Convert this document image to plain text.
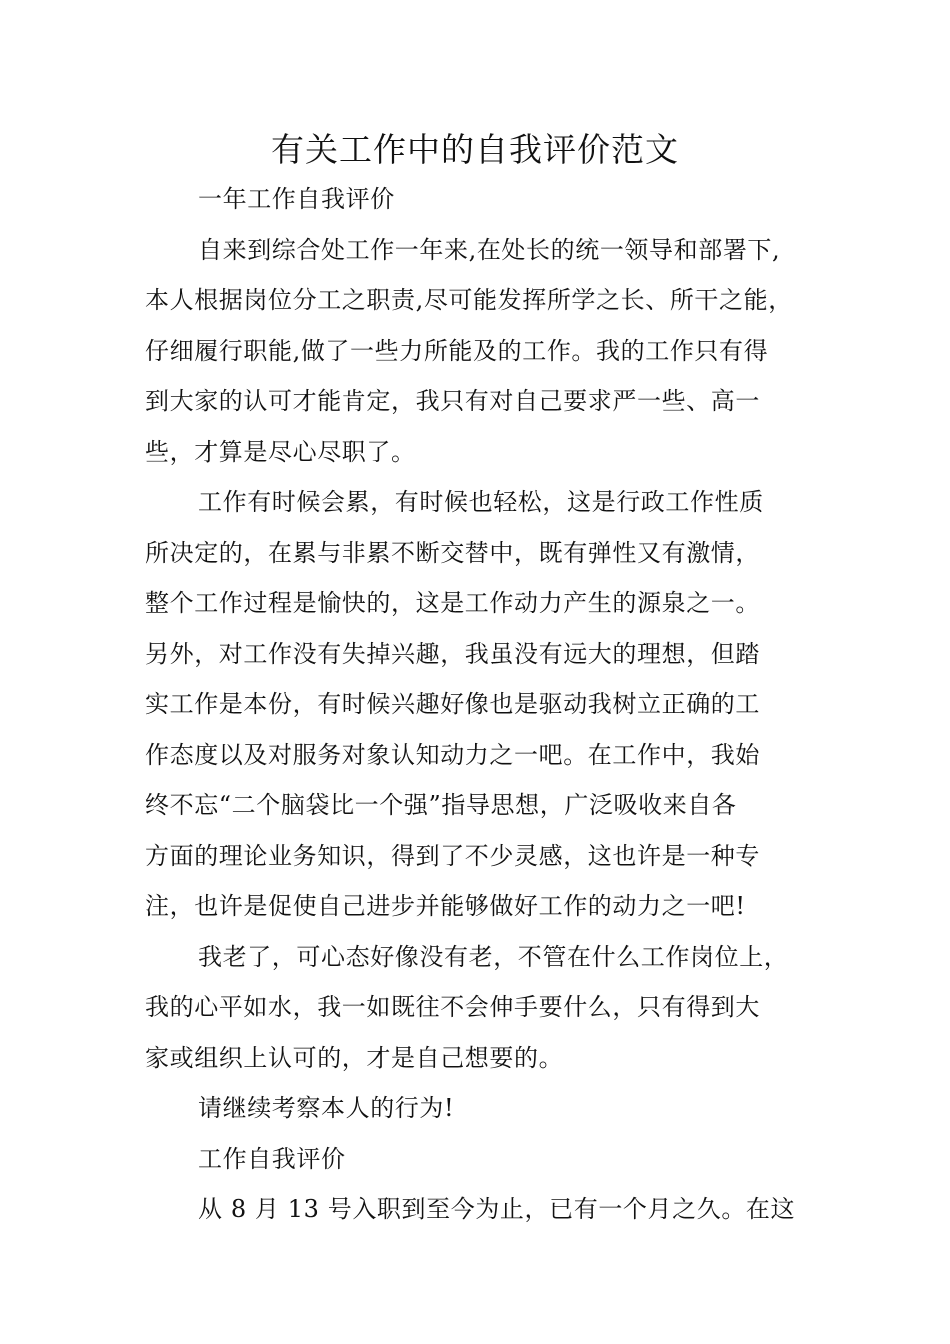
有关工作中的自我评价范文

一年工作自我评价

自来到综合处工作一年来,在处长的统一领导和部署下,

本人根据岗位分工之职责,尽可能发挥所学之长、所干之能，

仔细履行职能,做了一些力所能及的工作。我的工作只有得

到大家的认可才能肯定，我只有对自己要求严一些、高一

些，才算是尽心尽职了。

工作有时候会累，有时候也轻松，这是行政工作性质

所决定的，在累与非累不断交替中，既有弹性又有激情，

整个工作过程是愉快的，这是工作动力产生的源泉之一。

另外，对工作没有失掉兴趣，我虽没有远大的理想，但踏

实工作是本份，有时候兴趣好像也是驱动我树立正确的工

作态度以及对服务对象认知动力之一吧。在工作中，我始

终不忘“二个脑袋比一个强”指导思想，广泛吸收来自各

方面的理论业务知识，得到了不少灵感，这也许是一种专

注，也许是促使自己进步并能够做好工作的动力之一吧!

我老了，可心态好像没有老，不管在什么工作岗位上，

我的心平如水，我一如既往不会伸手要什么，只有得到大

家或组织上认可的，才是自己想要的。

请继续考察本人的行为!

工作自我评价

从 8 月 13 号入职到至今为止，已有一个月之久。在这
